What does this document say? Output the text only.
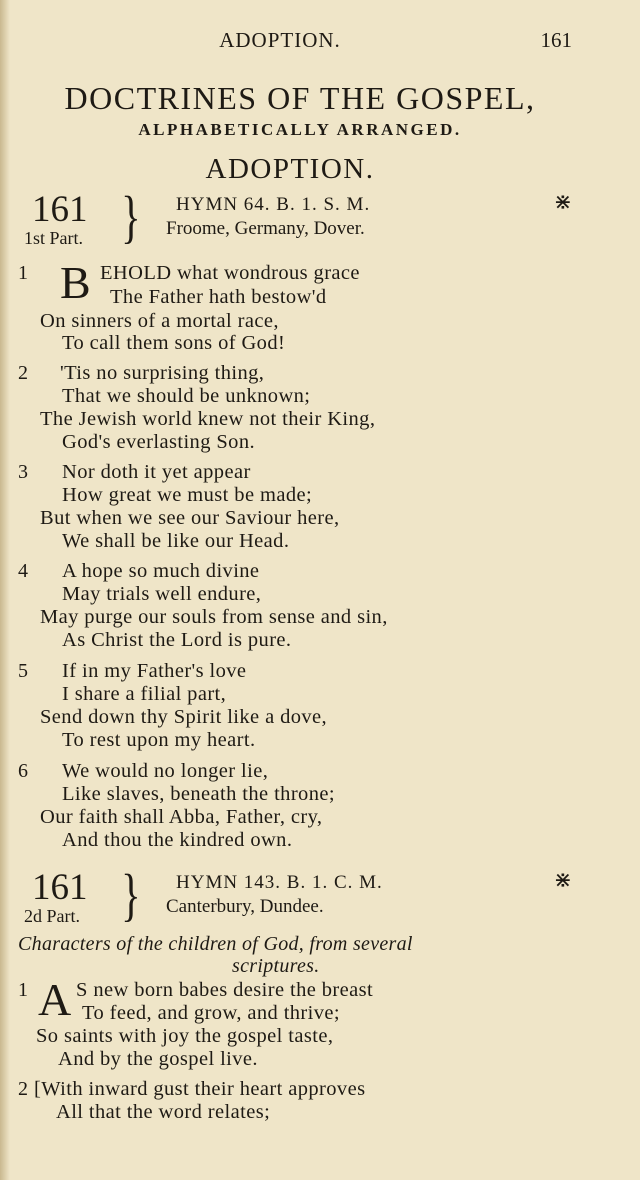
ADOPTION.	161
DOCTRINES OF THE GOSPEL,
ALPHABETICALLY ARRANGED.
ADOPTION.
161
1st Part. } HYMN 64. B. 1. S. M.
Froome, Germany, Dover.
⋇
1 B EHOLD what wondrous grace
The Father hath bestow'd
On sinners of a mortal race,
To call them sons of God!
2 'Tis no surprising thing,
That we should be unknown;
The Jewish world knew not their King,
God's everlasting Son.
3 Nor doth it yet appear
How great we must be made;
But when we see our Saviour here,
We shall be like our Head.
4 A hope so much divine
May trials well endure,
May purge our souls from sense and sin,
As Christ the Lord is pure.
5 If in my Father's love
I share a filial part,
Send down thy Spirit like a dove,
To rest upon my heart.
6 We would no longer lie,
Like slaves, beneath the throne;
Our faith shall Abba, Father, cry,
And thou the kindred own.
161
2d Part. } HYMN 143. B. 1. C. M.
Canterbury, Dundee.
⋇
Characters of the children of God, from several
scriptures.
1 A S new born babes desire the breast
To feed, and grow, and thrive;
So saints with joy the gospel taste,
And by the gospel live.
2 [With inward gust their heart approves
All that the word relates;
